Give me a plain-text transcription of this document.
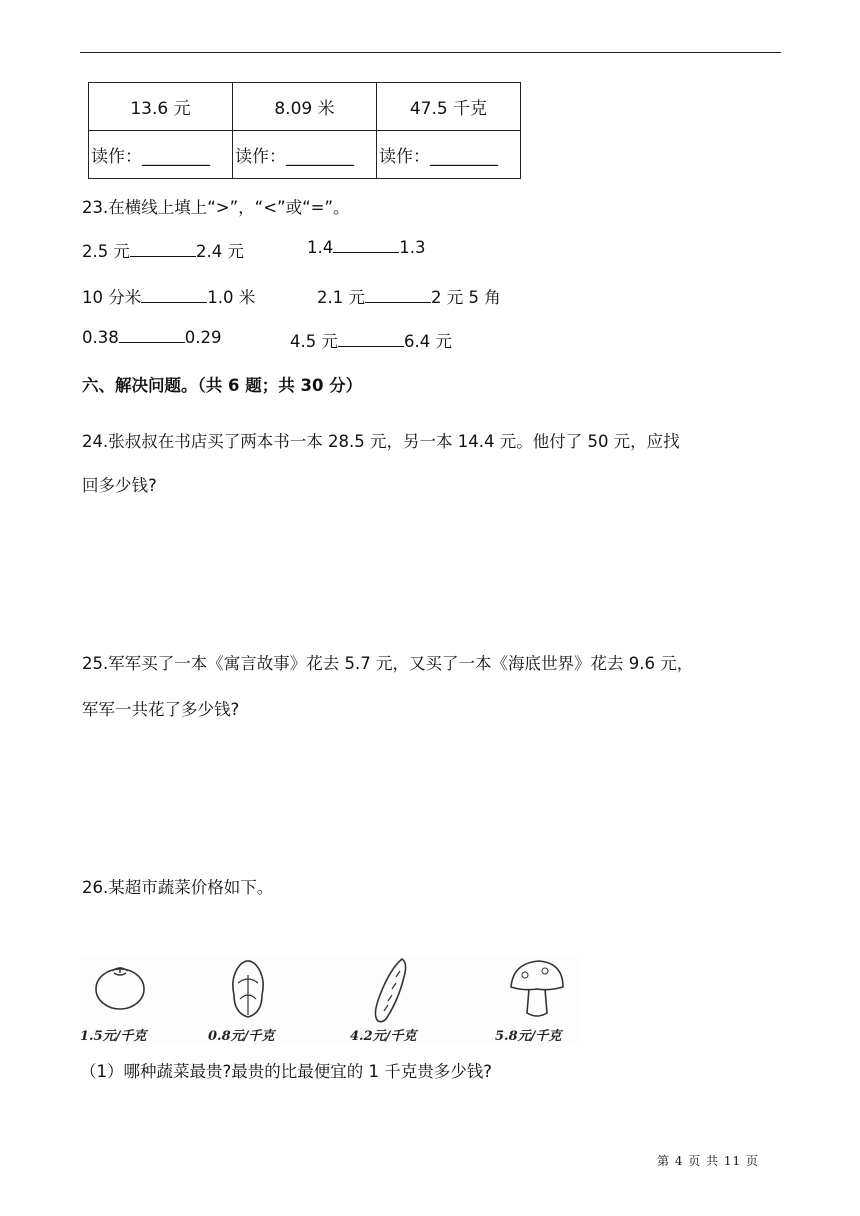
13.6 元	8.09 米	47.5 千克
读作：________	读作：________	读作：________
23.在横线上填上“>”，“<”或“=”。
2.5 元	2.4 元	1.4	1.3
10 分米	1.0 米	2.1 元	2 元 5 角
0.38	0.29	4.5 元	6.4 元
六、解决问题。（共 6 题；共 30 分）
24.张叔叔在书店买了两本书一本 28.5 元，另一本 14.4 元。他付了 50 元，应找
回多少钱?
25.军军买了一本《寓言故事》花去 5.7 元，又买了一本《海底世界》花去 9.6 元，
军军一共花了多少钱?
26.某超市蔬菜价格如下。
1.5元/千克	0.8元/千克	4.2元/千克	5.8元/千克
（1）哪种蔬菜最贵?最贵的比最便宜的 1 千克贵多少钱?
第 4 页 共 11 页
